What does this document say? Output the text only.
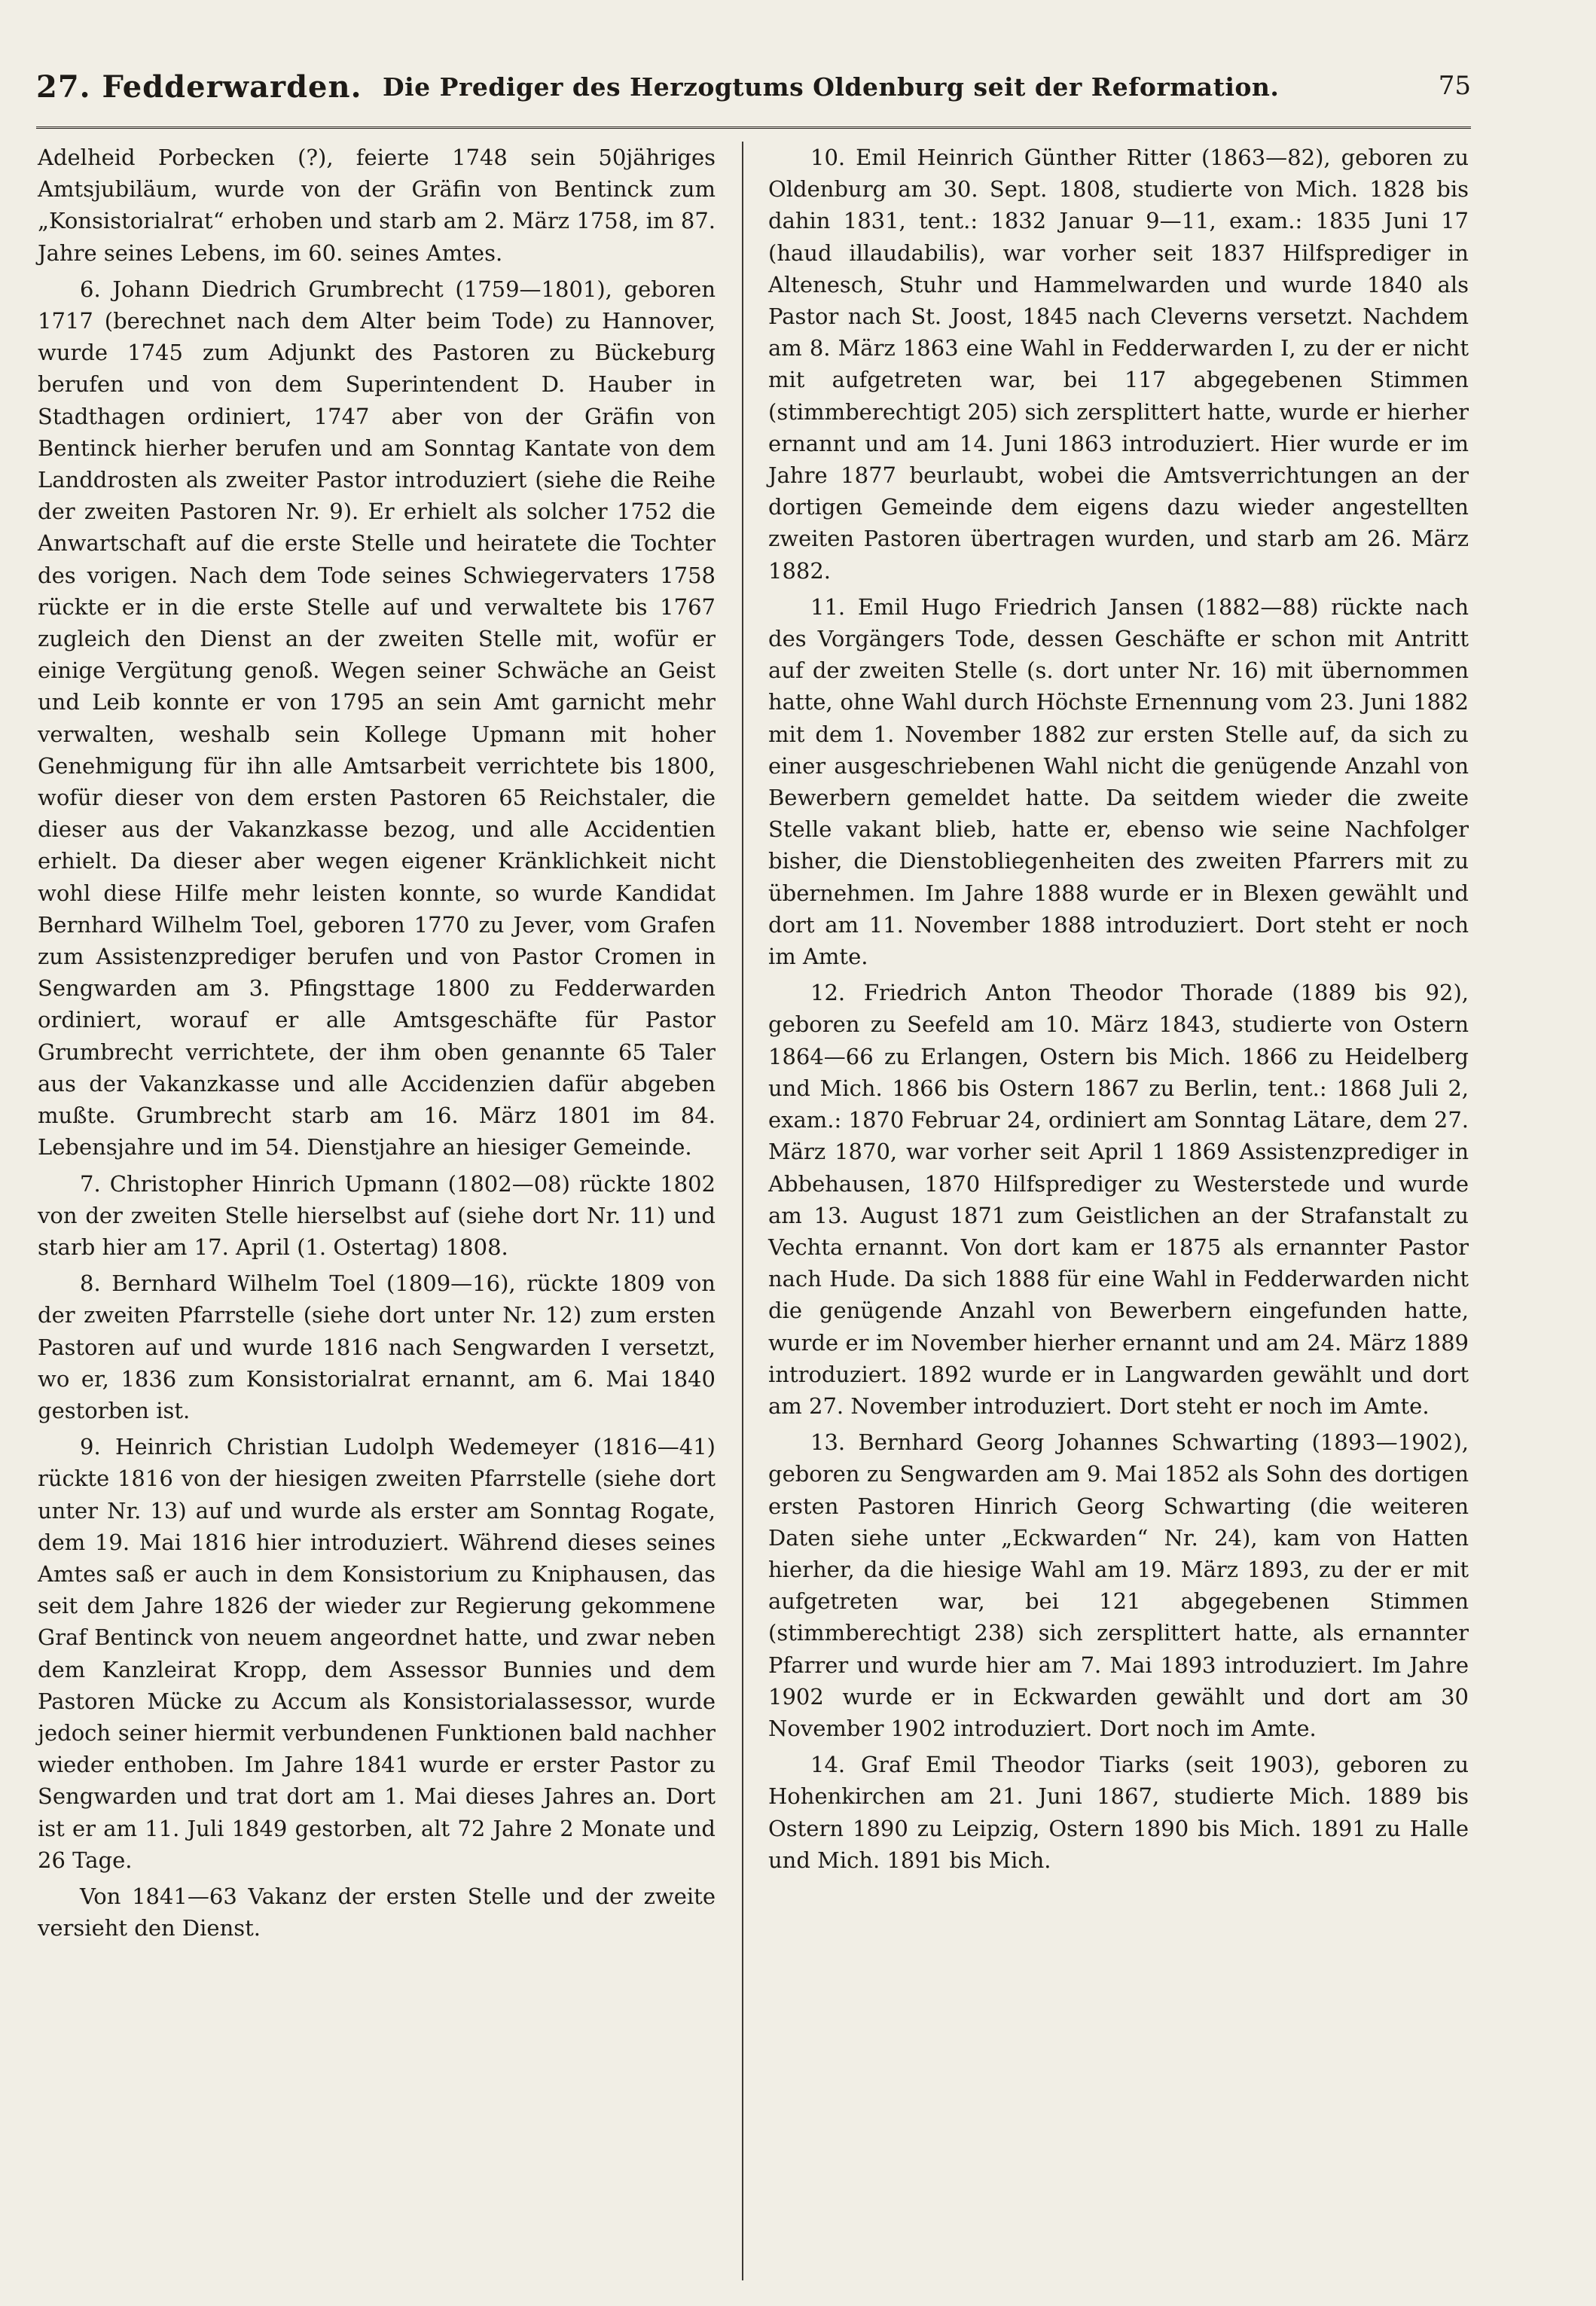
27. Fedderwarden. Die Prediger des Herzogtums Oldenburg seit der Reformation.	75

Adelheid Porbecken (?), feierte 1748 sein 50jähriges Amtsjubiläum, wurde von der Gräfin von Bentinck zum „Konsistorialrat“ erhoben und starb am 2. März 1758, im 87. Jahre seines Lebens, im 60. seines Amtes.

6. Johann Diedrich Grumbrecht (1759—1801), geboren 1717 (berechnet nach dem Alter beim Tode) zu Hannover, wurde 1745 zum Adjunkt des Pastoren zu Bückeburg berufen und von dem Superintendent D. Hauber in Stadthagen ordiniert, 1747 aber von der Gräfin von Bentinck hierher berufen und am Sonntag Kantate von dem Landdrosten als zweiter Pastor introduziert (siehe die Reihe der zweiten Pastoren Nr. 9). Er erhielt als solcher 1752 die Anwartschaft auf die erste Stelle und heiratete die Tochter des vorigen. Nach dem Tode seines Schwiegervaters 1758 rückte er in die erste Stelle auf und verwaltete bis 1767 zugleich den Dienst an der zweiten Stelle mit, wofür er einige Vergütung genoß. Wegen seiner Schwäche an Geist und Leib konnte er von 1795 an sein Amt garnicht mehr verwalten, weshalb sein Kollege Upmann mit hoher Genehmigung für ihn alle Amtsarbeit verrichtete bis 1800, wofür dieser von dem ersten Pastoren 65 Reichstaler, die dieser aus der Vakanzkasse bezog, und alle Accidentien erhielt. Da dieser aber wegen eigener Kränklichkeit nicht wohl diese Hilfe mehr leisten konnte, so wurde Kandidat Bernhard Wilhelm Toel, geboren 1770 zu Jever, vom Grafen zum Assistenzprediger berufen und von Pastor Cromen in Sengwarden am 3. Pfingsttage 1800 zu Fedderwarden ordiniert, worauf er alle Amtsgeschäfte für Pastor Grumbrecht verrichtete, der ihm oben genannte 65 Taler aus der Vakanzkasse und alle Accidenzien dafür abgeben mußte. Grumbrecht starb am 16. März 1801 im 84. Lebensjahre und im 54. Dienstjahre an hiesiger Gemeinde.

7. Christopher Hinrich Upmann (1802—08) rückte 1802 von der zweiten Stelle hierselbst auf (siehe dort Nr. 11) und starb hier am 17. April (1. Ostertag) 1808.

8. Bernhard Wilhelm Toel (1809—16), rückte 1809 von der zweiten Pfarrstelle (siehe dort unter Nr. 12) zum ersten Pastoren auf und wurde 1816 nach Sengwarden I versetzt, wo er, 1836 zum Konsistorialrat ernannt, am 6. Mai 1840 gestorben ist.

9. Heinrich Christian Ludolph Wedemeyer (1816—41) rückte 1816 von der hiesigen zweiten Pfarrstelle (siehe dort unter Nr. 13) auf und wurde als erster am Sonntag Rogate, dem 19. Mai 1816 hier introduziert. Während dieses seines Amtes saß er auch in dem Konsistorium zu Kniphausen, das seit dem Jahre 1826 der wieder zur Regierung gekommene Graf Bentinck von neuem angeordnet hatte, und zwar neben dem Kanzleirat Kropp, dem Assessor Bunnies und dem Pastoren Mücke zu Accum als Konsistorialassessor, wurde jedoch seiner hiermit verbundenen Funktionen bald nachher wieder enthoben. Im Jahre 1841 wurde er erster Pastor zu Sengwarden und trat dort am 1. Mai dieses Jahres an. Dort ist er am 11. Juli 1849 gestorben, alt 72 Jahre 2 Monate und 26 Tage.

Von 1841—63 Vakanz der ersten Stelle und der zweite versieht den Dienst.

10. Emil Heinrich Günther Ritter (1863—82), geboren zu Oldenburg am 30. Sept. 1808, studierte von Mich. 1828 bis dahin 1831, tent.: 1832 Januar 9—11, exam.: 1835 Juni 17 (haud illaudabilis), war vorher seit 1837 Hilfsprediger in Altenesch, Stuhr und Hammelwarden und wurde 1840 als Pastor nach St. Joost, 1845 nach Cleverns versetzt. Nachdem am 8. März 1863 eine Wahl in Fedderwarden I, zu der er nicht mit aufgetreten war, bei 117 abgegebenen Stimmen (stimmberechtigt 205) sich zersplittert hatte, wurde er hierher ernannt und am 14. Juni 1863 introduziert. Hier wurde er im Jahre 1877 beurlaubt, wobei die Amtsverrichtungen an der dortigen Gemeinde dem eigens dazu wieder angestellten zweiten Pastoren übertragen wurden, und starb am 26. März 1882.

11. Emil Hugo Friedrich Jansen (1882—88) rückte nach des Vorgängers Tode, dessen Geschäfte er schon mit Antritt auf der zweiten Stelle (s. dort unter Nr. 16) mit übernommen hatte, ohne Wahl durch Höchste Ernennung vom 23. Juni 1882 mit dem 1. November 1882 zur ersten Stelle auf, da sich zu einer ausgeschriebenen Wahl nicht die genügende Anzahl von Bewerbern gemeldet hatte. Da seitdem wieder die zweite Stelle vakant blieb, hatte er, ebenso wie seine Nachfolger bisher, die Dienstobliegenheiten des zweiten Pfarrers mit zu übernehmen. Im Jahre 1888 wurde er in Blexen gewählt und dort am 11. November 1888 introduziert. Dort steht er noch im Amte.

12. Friedrich Anton Theodor Thorade (1889 bis 92), geboren zu Seefeld am 10. März 1843, studierte von Ostern 1864—66 zu Erlangen, Ostern bis Mich. 1866 zu Heidelberg und Mich. 1866 bis Ostern 1867 zu Berlin, tent.: 1868 Juli 2, exam.: 1870 Februar 24, ordiniert am Sonntag Lätare, dem 27. März 1870, war vorher seit April 1 1869 Assistenzprediger in Abbehausen, 1870 Hilfsprediger zu Westerstede und wurde am 13. August 1871 zum Geistlichen an der Strafanstalt zu Vechta ernannt. Von dort kam er 1875 als ernannter Pastor nach Hude. Da sich 1888 für eine Wahl in Fedderwarden nicht die genügende Anzahl von Bewerbern eingefunden hatte, wurde er im November hierher ernannt und am 24. März 1889 introduziert. 1892 wurde er in Langwarden gewählt und dort am 27. November introduziert. Dort steht er noch im Amte.

13. Bernhard Georg Johannes Schwarting (1893—1902), geboren zu Sengwarden am 9. Mai 1852 als Sohn des dortigen ersten Pastoren Hinrich Georg Schwarting (die weiteren Daten siehe unter „Eckwarden“ Nr. 24), kam von Hatten hierher, da die hiesige Wahl am 19. März 1893, zu der er mit aufgetreten war, bei 121 abgegebenen Stimmen (stimmberechtigt 238) sich zersplittert hatte, als ernannter Pfarrer und wurde hier am 7. Mai 1893 introduziert. Im Jahre 1902 wurde er in Eckwarden gewählt und dort am 30 November 1902 introduziert. Dort noch im Amte.

14. Graf Emil Theodor Tiarks (seit 1903), geboren zu Hohenkirchen am 21. Juni 1867, studierte Mich. 1889 bis Ostern 1890 zu Leipzig, Ostern 1890 bis Mich. 1891 zu Halle und Mich. 1891 bis Mich.
